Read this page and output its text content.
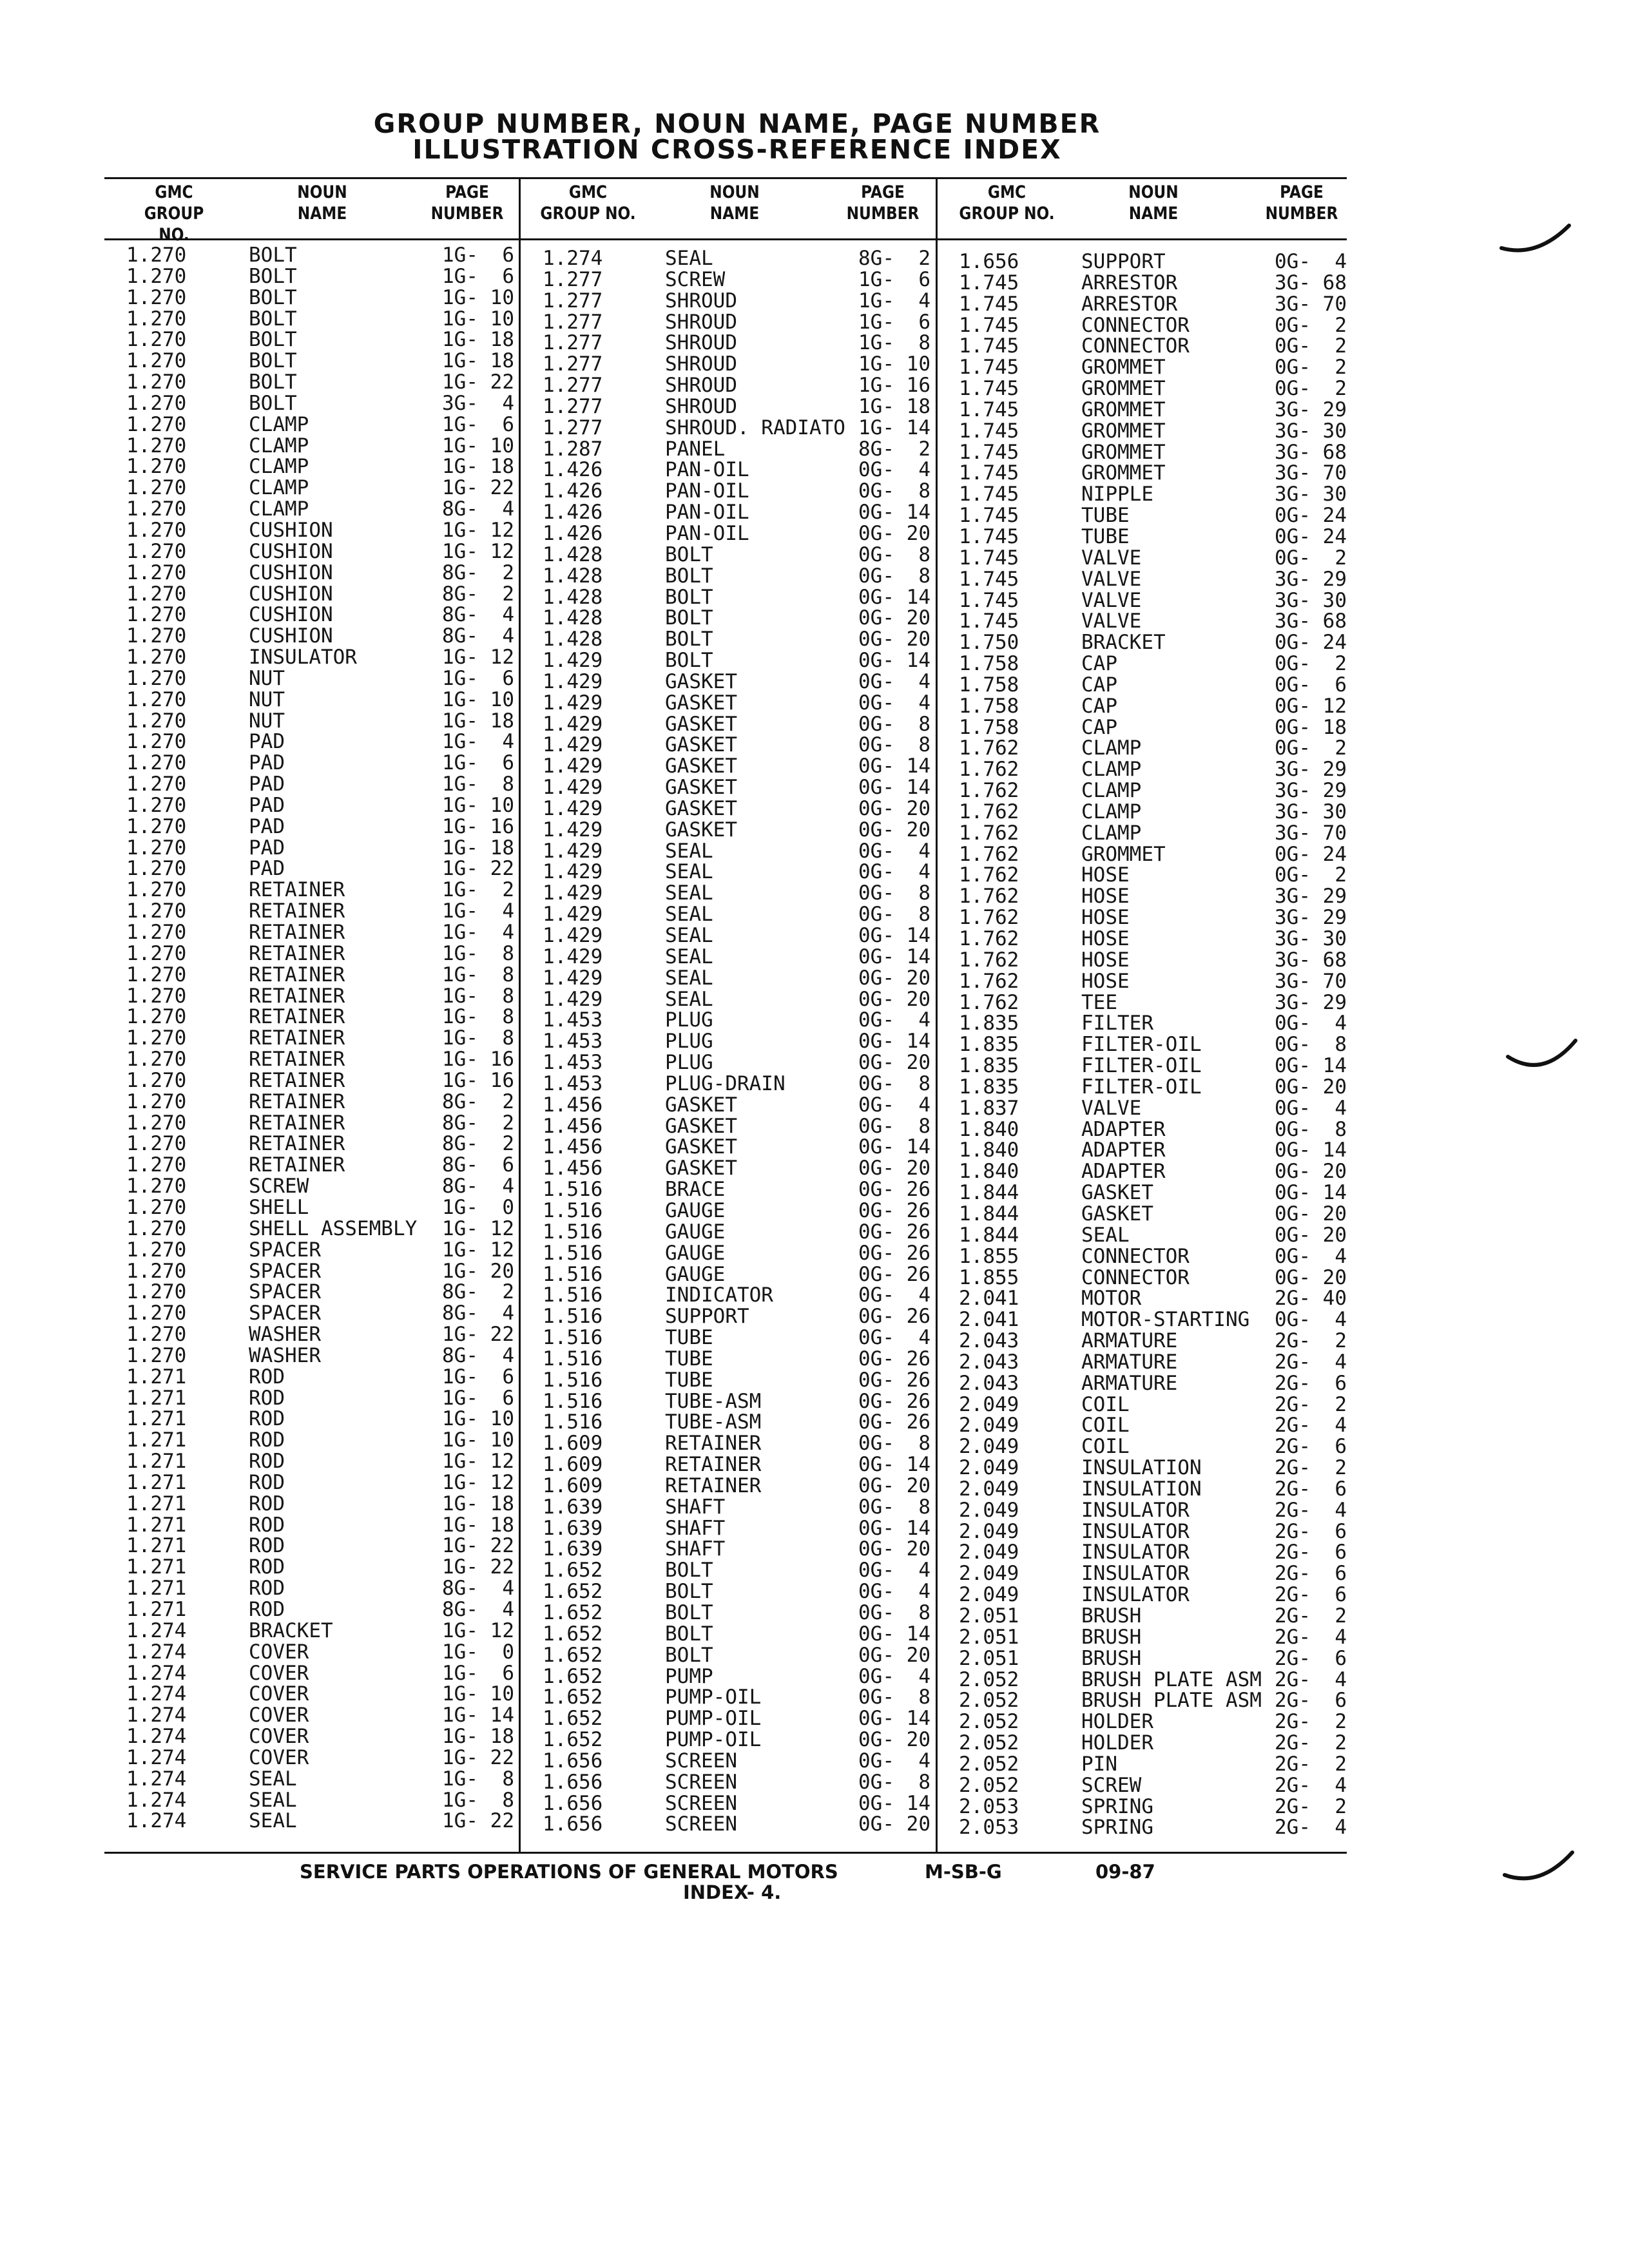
GROUP NUMBER, NOUN NAME, PAGE NUMBER
ILLUSTRATION CROSS-REFERENCE INDEX
GMC
GROUP NO.
NOUN
NAME
PAGE
NUMBER
GMC
GROUP NO.
NOUN
NAME
PAGE
NUMBER
GMC
GROUP NO.
NOUN
NAME
PAGE
NUMBER
1.270	BOLT	1G-  6
1.270	BOLT	1G-  6
1.270	BOLT	1G- 10
1.270	BOLT	1G- 10
1.270	BOLT	1G- 18
1.270	BOLT	1G- 18
1.270	BOLT	1G- 22
1.270	BOLT	3G-  4
1.270	CLAMP	1G-  6
1.270	CLAMP	1G- 10
1.270	CLAMP	1G- 18
1.270	CLAMP	1G- 22
1.270	CLAMP	8G-  4
1.270	CUSHION	1G- 12
1.270	CUSHION	1G- 12
1.270	CUSHION	8G-  2
1.270	CUSHION	8G-  2
1.270	CUSHION	8G-  4
1.270	CUSHION	8G-  4
1.270	INSULATOR	1G- 12
1.270	NUT	1G-  6
1.270	NUT	1G- 10
1.270	NUT	1G- 18
1.270	PAD	1G-  4
1.270	PAD	1G-  6
1.270	PAD	1G-  8
1.270	PAD	1G- 10
1.270	PAD	1G- 16
1.270	PAD	1G- 18
1.270	PAD	1G- 22
1.270	RETAINER	1G-  2
1.270	RETAINER	1G-  4
1.270	RETAINER	1G-  4
1.270	RETAINER	1G-  8
1.270	RETAINER	1G-  8
1.270	RETAINER	1G-  8
1.270	RETAINER	1G-  8
1.270	RETAINER	1G-  8
1.270	RETAINER	1G- 16
1.270	RETAINER	1G- 16
1.270	RETAINER	8G-  2
1.270	RETAINER	8G-  2
1.270	RETAINER	8G-  2
1.270	RETAINER	8G-  6
1.270	SCREW	8G-  4
1.270	SHELL	1G-  0
1.270	SHELL ASSEMBLY	1G- 12
1.270	SPACER	1G- 12
1.270	SPACER	1G- 20
1.270	SPACER	8G-  2
1.270	SPACER	8G-  4
1.270	WASHER	1G- 22
1.270	WASHER	8G-  4
1.271	ROD	1G-  6
1.271	ROD	1G-  6
1.271	ROD	1G- 10
1.271	ROD	1G- 10
1.271	ROD	1G- 12
1.271	ROD	1G- 12
1.271	ROD	1G- 18
1.271	ROD	1G- 18
1.271	ROD	1G- 22
1.271	ROD	1G- 22
1.271	ROD	8G-  4
1.271	ROD	8G-  4
1.274	BRACKET	1G- 12
1.274	COVER	1G-  0
1.274	COVER	1G-  6
1.274	COVER	1G- 10
1.274	COVER	1G- 14
1.274	COVER	1G- 18
1.274	COVER	1G- 22
1.274	SEAL	1G-  8
1.274	SEAL	1G-  8
1.274	SEAL	1G- 22
1.274	SEAL	8G-  2
1.277	SCREW	1G-  6
1.277	SHROUD	1G-  4
1.277	SHROUD	1G-  6
1.277	SHROUD	1G-  8
1.277	SHROUD	1G- 10
1.277	SHROUD	1G- 16
1.277	SHROUD	1G- 18
1.277	SHROUD. RADIATO 1G- 14
1.287	PANEL	8G-  2
1.426	PAN-OIL	0G-  4
1.426	PAN-OIL	0G-  8
1.426	PAN-OIL	0G- 14
1.426	PAN-OIL	0G- 20
1.428	BOLT	0G-  8
1.428	BOLT	0G-  8
1.428	BOLT	0G- 14
1.428	BOLT	0G- 20
1.428	BOLT	0G- 20
1.429	BOLT	0G- 14
1.429	GASKET	0G-  4
1.429	GASKET	0G-  4
1.429	GASKET	0G-  8
1.429	GASKET	0G-  8
1.429	GASKET	0G- 14
1.429	GASKET	0G- 14
1.429	GASKET	0G- 20
1.429	GASKET	0G- 20
1.429	SEAL	0G-  4
1.429	SEAL	0G-  4
1.429	SEAL	0G-  8
1.429	SEAL	0G-  8
1.429	SEAL	0G- 14
1.429	SEAL	0G- 14
1.429	SEAL	0G- 20
1.429	SEAL	0G- 20
1.453	PLUG	0G-  4
1.453	PLUG	0G- 14
1.453	PLUG	0G- 20
1.453	PLUG-DRAIN	0G-  8
1.456	GASKET	0G-  4
1.456	GASKET	0G-  8
1.456	GASKET	0G- 14
1.456	GASKET	0G- 20
1.516	BRACE	0G- 26
1.516	GAUGE	0G- 26
1.516	GAUGE	0G- 26
1.516	GAUGE	0G- 26
1.516	GAUGE	0G- 26
1.516	INDICATOR	0G-  4
1.516	SUPPORT	0G- 26
1.516	TUBE	0G-  4
1.516	TUBE	0G- 26
1.516	TUBE	0G- 26
1.516	TUBE-ASM	0G- 26
1.516	TUBE-ASM	0G- 26
1.609	RETAINER	0G-  8
1.609	RETAINER	0G- 14
1.609	RETAINER	0G- 20
1.639	SHAFT	0G-  8
1.639	SHAFT	0G- 14
1.639	SHAFT	0G- 20
1.652	BOLT	0G-  4
1.652	BOLT	0G-  4
1.652	BOLT	0G-  8
1.652	BOLT	0G- 14
1.652	BOLT	0G- 20
1.652	PUMP	0G-  4
1.652	PUMP-OIL	0G-  8
1.652	PUMP-OIL	0G- 14
1.652	PUMP-OIL	0G- 20
1.656	SCREEN	0G-  4
1.656	SCREEN	0G-  8
1.656	SCREEN	0G- 14
1.656	SCREEN	0G- 20
1.656	SUPPORT	0G-  4
1.745	ARRESTOR	3G- 68
1.745	ARRESTOR	3G- 70
1.745	CONNECTOR	0G-  2
1.745	CONNECTOR	0G-  2
1.745	GROMMET	0G-  2
1.745	GROMMET	0G-  2
1.745	GROMMET	3G- 29
1.745	GROMMET	3G- 30
1.745	GROMMET	3G- 68
1.745	GROMMET	3G- 70
1.745	NIPPLE	3G- 30
1.745	TUBE	0G- 24
1.745	TUBE	0G- 24
1.745	VALVE	0G-  2
1.745	VALVE	3G- 29
1.745	VALVE	3G- 30
1.745	VALVE	3G- 68
1.750	BRACKET	0G- 24
1.758	CAP	0G-  2
1.758	CAP	0G-  6
1.758	CAP	0G- 12
1.758	CAP	0G- 18
1.762	CLAMP	0G-  2
1.762	CLAMP	3G- 29
1.762	CLAMP	3G- 29
1.762	CLAMP	3G- 30
1.762	CLAMP	3G- 70
1.762	GROMMET	0G- 24
1.762	HOSE	0G-  2
1.762	HOSE	3G- 29
1.762	HOSE	3G- 29
1.762	HOSE	3G- 30
1.762	HOSE	3G- 68
1.762	HOSE	3G- 70
1.762	TEE	3G- 29
1.835	FILTER	0G-  4
1.835	FILTER-OIL	0G-  8
1.835	FILTER-OIL	0G- 14
1.835	FILTER-OIL	0G- 20
1.837	VALVE	0G-  4
1.840	ADAPTER	0G-  8
1.840	ADAPTER	0G- 14
1.840	ADAPTER	0G- 20
1.844	GASKET	0G- 14
1.844	GASKET	0G- 20
1.844	SEAL	0G- 20
1.855	CONNECTOR	0G-  4
1.855	CONNECTOR	0G- 20
2.041	MOTOR	2G- 40
2.041	MOTOR-STARTING	0G-  4
2.043	ARMATURE	2G-  2
2.043	ARMATURE	2G-  4
2.043	ARMATURE	2G-  6
2.049	COIL	2G-  2
2.049	COIL	2G-  4
2.049	COIL	2G-  6
2.049	INSULATION	2G-  2
2.049	INSULATION	2G-  6
2.049	INSULATOR	2G-  4
2.049	INSULATOR	2G-  6
2.049	INSULATOR	2G-  6
2.049	INSULATOR	2G-  6
2.049	INSULATOR	2G-  6
2.051	BRUSH	2G-  2
2.051	BRUSH	2G-  4
2.051	BRUSH	2G-  6
2.052	BRUSH PLATE ASM 2G-  4
2.052	BRUSH PLATE ASM 2G-  6
2.052	HOLDER	2G-  2
2.052	HOLDER	2G-  2
2.052	PIN	2G-  2
2.052	SCREW	2G-  4
2.053	SPRING	2G-  2
2.053	SPRING	2G-  4
SERVICE PARTS OPERATIONS OF GENERAL MOTORS	M-SB-G	09-87
INDEX- 4.
